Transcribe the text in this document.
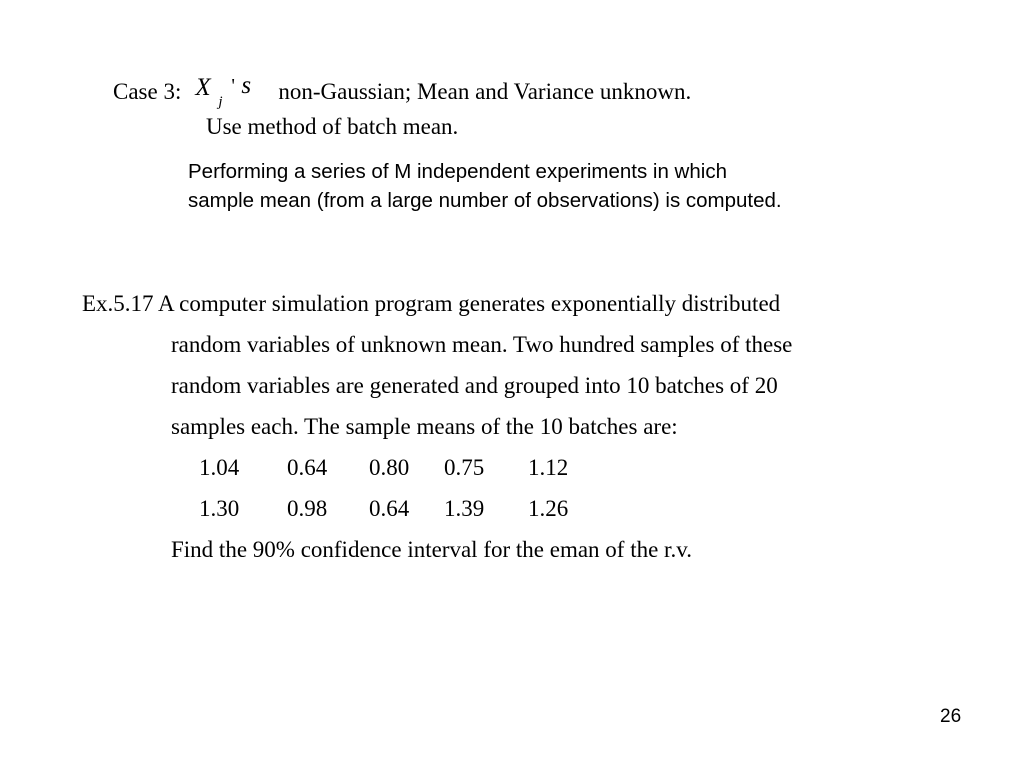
Case 3: X
j
' s non-Gaussian; Mean and Variance unknown.
Use method of batch mean.
Performing a series of M independent experiments in which
sample mean (from a large number of observations) is computed.
Ex.5.17 A computer simulation program generates exponentially distributed
random variables of unknown mean. Two hundred samples of these
random variables are generated and grouped into 10 batches of 20
samples each. The sample means of the 10 batches are:
1.04 0.64 0.80 0.75 1.12
1.30 0.98 0.64 1.39 1.26
Find the 90% confidence interval for the eman of the r.v.
26
